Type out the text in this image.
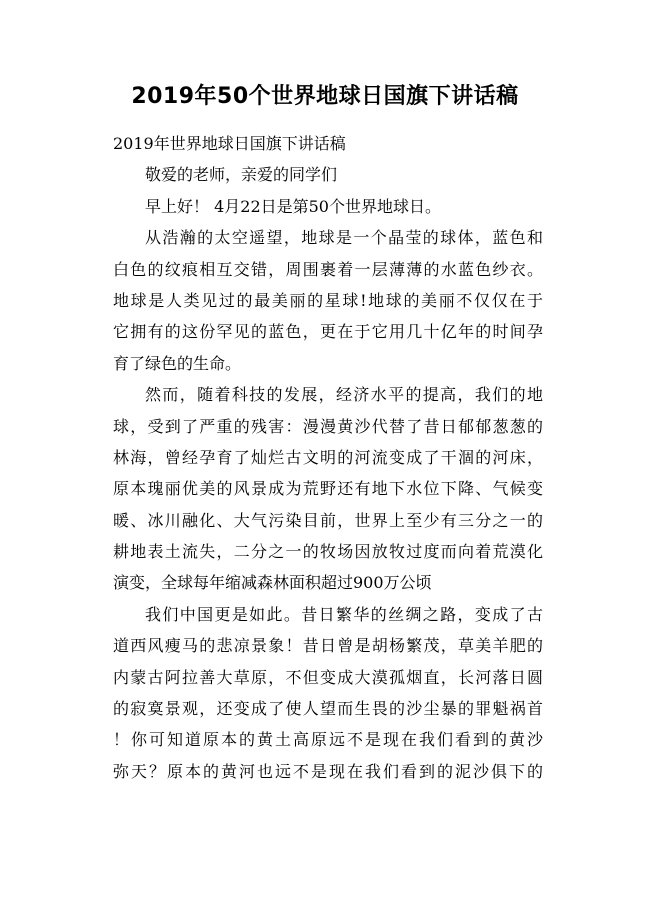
2019年50个世界地球日国旗下讲话稿
2019年世界地球日国旗下讲话稿
敬爱的老师，亲爱的同学们
早上好！ 4月22日是第50个世界地球日。
从浩瀚的太空遥望，地球是一个晶莹的球体，蓝色和
白色的纹痕相互交错，周围裹着一层薄薄的水蓝色纱衣。
地球是人类见过的最美丽的星球!地球的美丽不仅仅在于
它拥有的这份罕见的蓝色，更在于它用几十亿年的时间孕
育了绿色的生命。
然而，随着科技的发展，经济水平的提高，我们的地
球，受到了严重的残害：漫漫黄沙代替了昔日郁郁葱葱的
林海，曾经孕育了灿烂古文明的河流变成了干涸的河床，
原本瑰丽优美的风景成为荒野还有地下水位下降、气候变
暖、冰川融化、大气污染目前，世界上至少有三分之一的
耕地表土流失，二分之一的牧场因放牧过度而向着荒漠化
演变，全球每年缩减森林面积超过900万公顷
我们中国更是如此。昔日繁华的丝绸之路，变成了古
道西风瘦马的悲凉景象！昔日曾是胡杨繁茂，草美羊肥的
内蒙古阿拉善大草原，不但变成大漠孤烟直，长河落日圆
的寂寞景观，还变成了使人望而生畏的沙尘暴的罪魁祸首
！你可知道原本的黄土高原远不是现在我们看到的黄沙
弥天？原本的黄河也远不是现在我们看到的泥沙俱下的
